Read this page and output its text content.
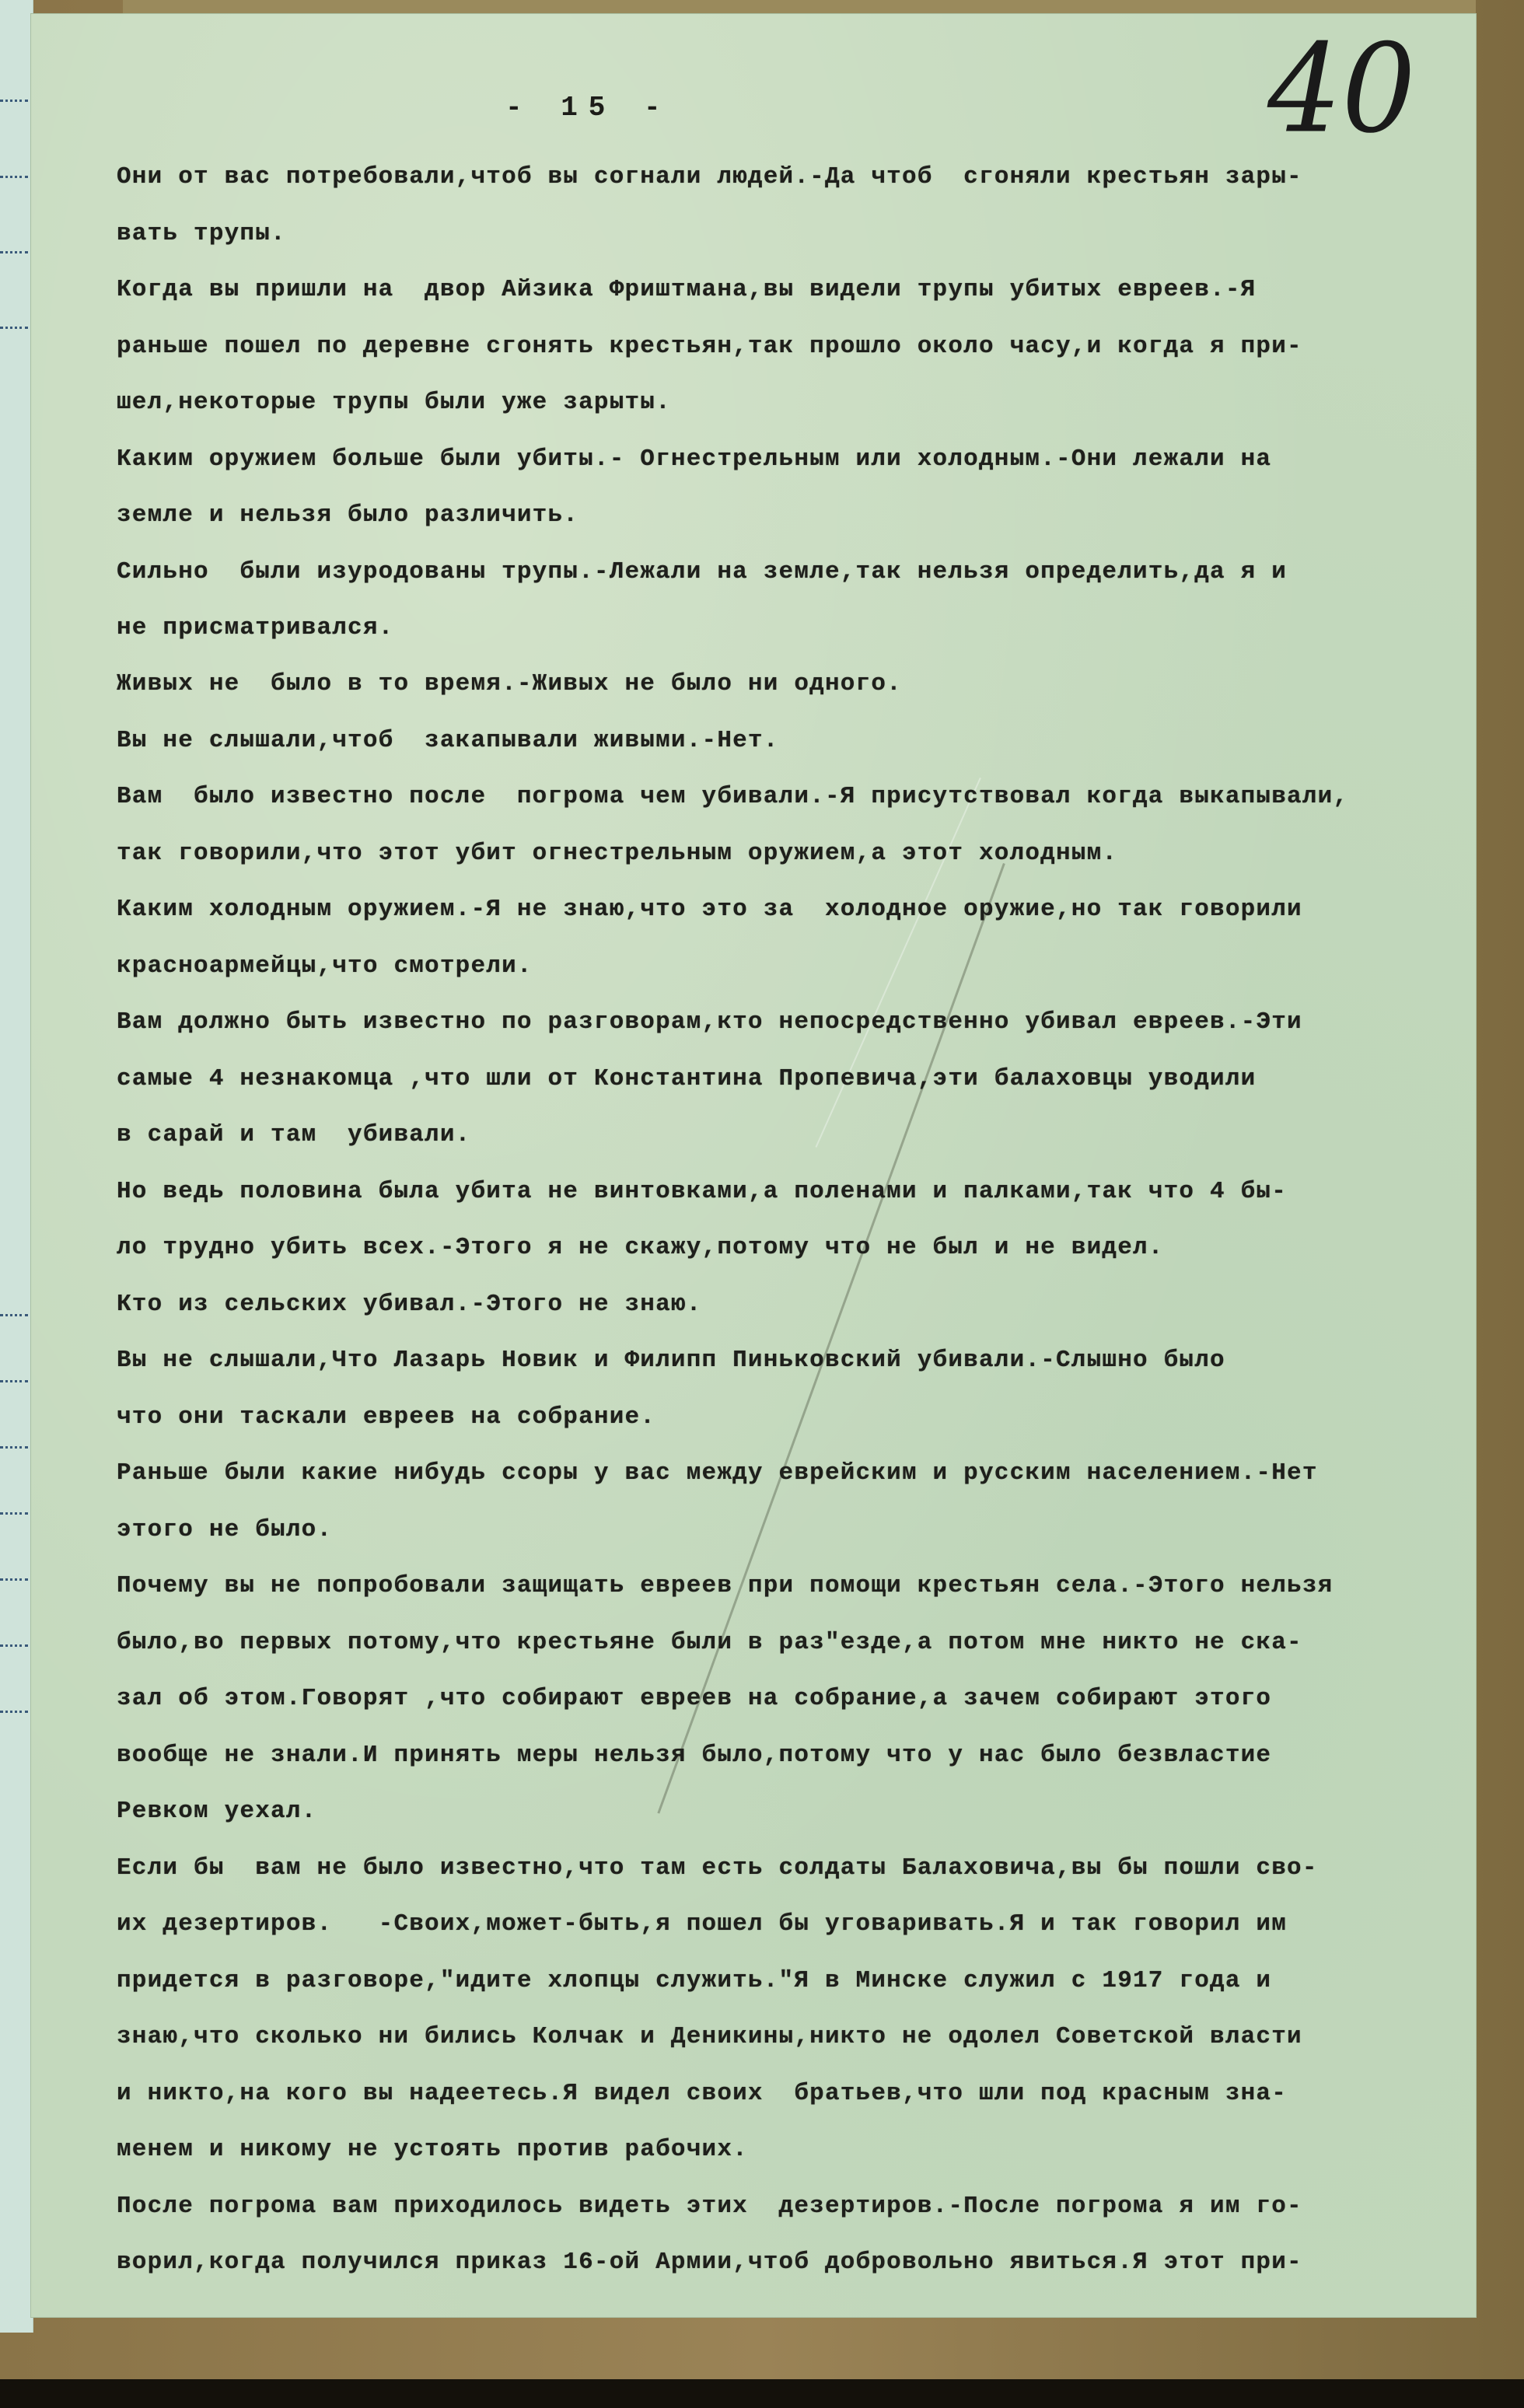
- 15 -	40
Они от вас потребовали,чтоб вы согнали людей.-Да чтоб  сгоняли крестьян зары-
вать трупы.
Когда вы пришли на  двор Айзика Фриштмана,вы видели трупы убитых евреев.-Я
раньше пошел по деревне сгонять крестьян,так прошло около часу,и когда я при-
шел,некоторые трупы были уже зарыты.
Каким оружием больше были убиты.- Огнестрельным или холодным.-Они лежали на
земле и нельзя было различить.
Сильно  были изуродованы трупы.-Лежали на земле,так нельзя определить,да я и
не присматривался.
Живых не  было в то время.-Живых не было ни одного.
Вы не слышали,чтоб  закапывали живыми.-Нет.
Вам  было известно после  погрома чем убивали.-Я присутствовал когда выкапывали,
так говорили,что этот убит огнестрельным оружием,а этот холодным.
Каким холодным оружием.-Я не знаю,что это за  холодное оружие,но так говорили
красноармейцы,что смотрели.
Вам должно быть известно по разговорам,кто непосредственно убивал евреев.-Эти
самые 4 незнакомца ,что шли от Константина Пропевича,эти балаховцы уводили
в сарай и там  убивали.
Но ведь половина была убита не винтовками,а поленами и палками,так что 4 бы-
ло трудно убить всех.-Этого я не скажу,потому что не был и не видел.
Кто из сельских убивал.-Этого не знаю.
Вы не слышали,Что Лазарь Новик и Филипп Пиньковский убивали.-Слышно было
что они таскали евреев на собрание.
Раньше были какие нибудь ссоры у вас между еврейским и русским населением.-Нет
этого не было.
Почему вы не попробовали защищать евреев при помощи крестьян села.-Этого нельзя
было,во первых потому,что крестьяне были в раз"езде,а потом мне никто не ска-
зал об этом.Говорят ,что собирают евреев на собрание,а зачем собирают этого
вообще не знали.И принять меры нельзя было,потому что у нас было безвластие
Ревком уехал.
Если бы  вам не было известно,что там есть солдаты Балаховича,вы бы пошли сво-
их дезертиров.   -Своих,может-быть,я пошел бы уговаривать.Я и так говорил им
придется в разговоре,"идите хлопцы служить."Я в Минске служил с 1917 года и
знаю,что сколько ни бились Колчак и Деникины,никто не одолел Советской власти
и никто,на кого вы надеетесь.Я видел своих  братьев,что шли под красным зна-
менем и никому не устоять против рабочих.
После погрома вам приходилось видеть этих  дезертиров.-После погрома я им го-
ворил,когда получился приказ 16-ой Армии,чтоб добровольно явиться.Я этот при-
